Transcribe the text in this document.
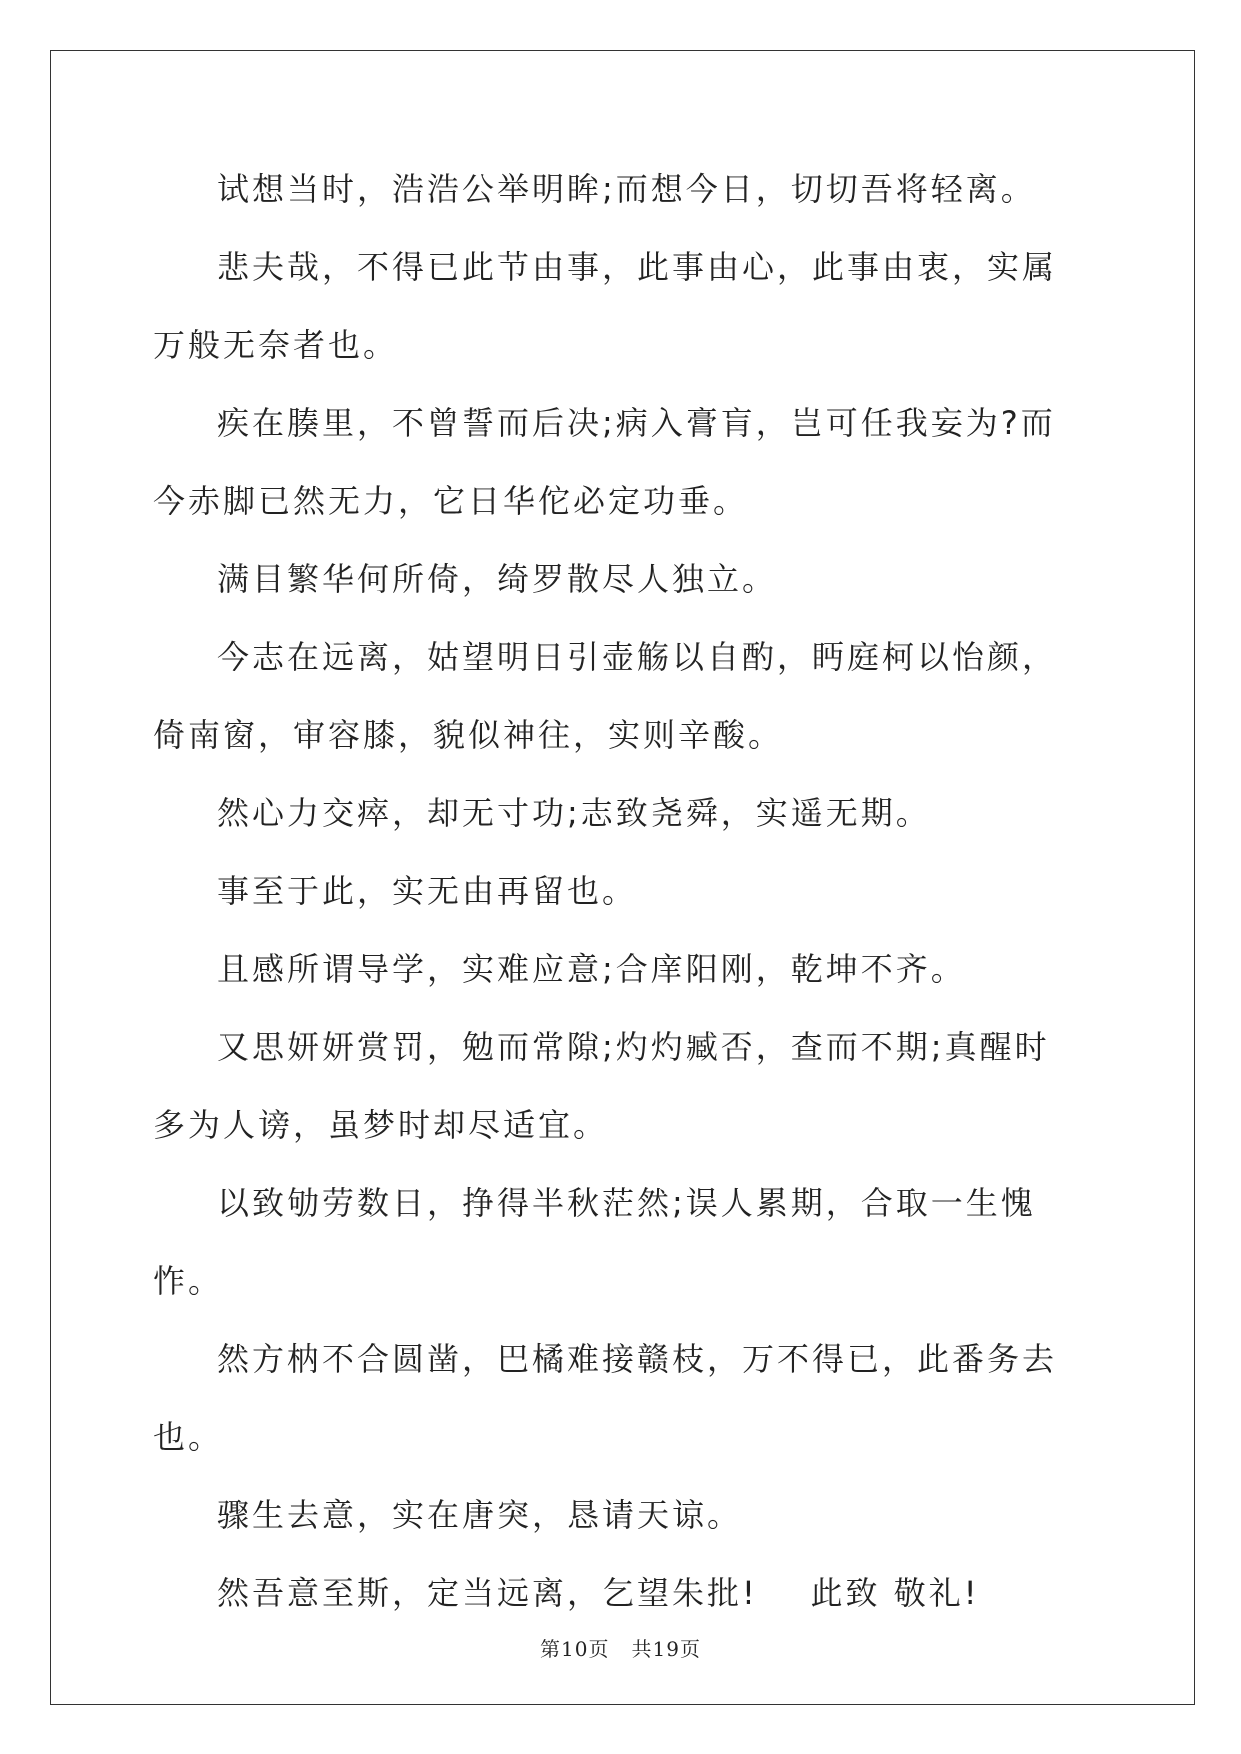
试想当时，浩浩公举明眸;而想今日，切切吾将轻离。

悲夫哉，不得已此节由事，此事由心，此事由衷，实属万般无奈者也。

疾在腠里，不曾誓而后决;病入膏肓，岂可任我妄为?而今赤脚已然无力，它日华佗必定功垂。

满目繁华何所倚，绮罗散尽人独立。

今志在远离，姑望明日引壶觞以自酌，眄庭柯以怡颜，倚南窗，审容膝，貌似神往，实则辛酸。

然心力交瘁，却无寸功;志致尧舜，实遥无期。

事至于此，实无由再留也。

且感所谓导学，实难应意;合庠阳刚，乾坤不齐。

又思妍妍赏罚，勉而常隙;灼灼臧否，查而不期;真醒时多为人谤，虽梦时却尽适宜。

以致劬劳数日，挣得半秋茫然;误人累期，合取一生愧怍。

然方枘不合圆凿，巴橘难接赣枝，万不得已，此番务去也。

骤生去意，实在唐突，恳请天谅。

然吾意至斯，定当远离，乞望朱批!    此致 敬礼!

第10页   共19页
